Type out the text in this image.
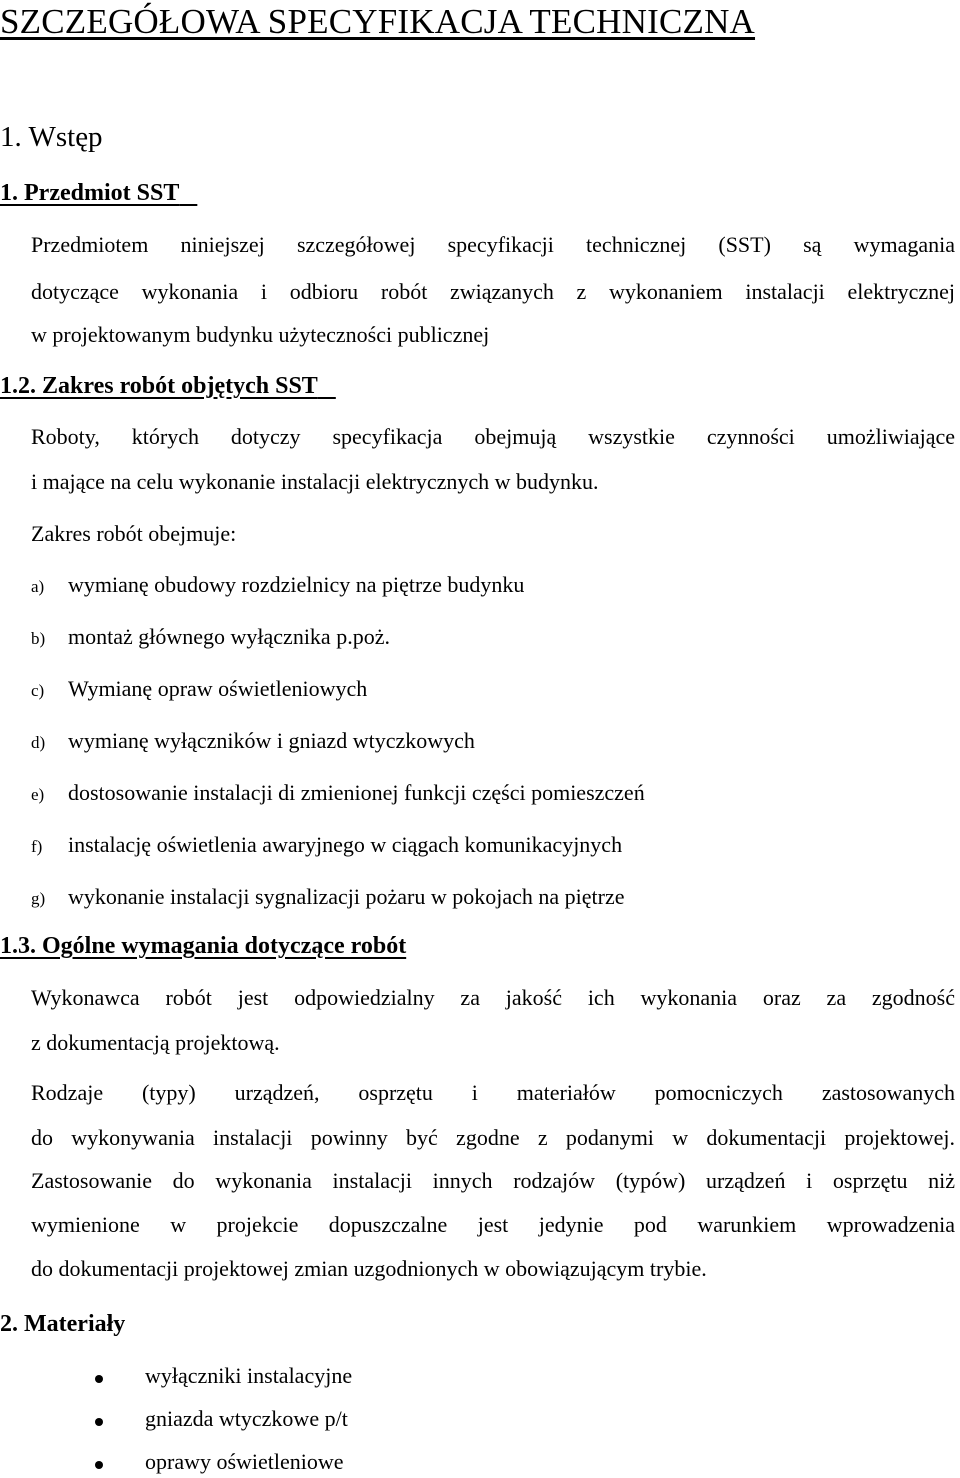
SZCZEGÓŁOWA SPECYFIKACJA TECHNICZNA
1. Wstęp
1. Przedmiot SST
Przedmiotem niniejszej szczegółowej specyfikacji technicznej (SST) są wymagania
dotyczące wykonania i odbioru robót związanych z wykonaniem instalacji elektrycznej
w projektowanym budynku użyteczności publicznej
1.2. Zakres robót objętych SST
Roboty, których dotyczy specyfikacja obejmują wszystkie czynności umożliwiające
i mające na celu wykonanie instalacji elektrycznych w budynku.
Zakres robót obejmuje:
a) wymianę obudowy rozdzielnicy na piętrze budynku
b) montaż głównego wyłącznika p.poż.
c) Wymianę opraw oświetleniowych
d) wymianę wyłączników i gniazd wtyczkowych
e) dostosowanie instalacji di zmienionej funkcji części pomieszczeń
f) instalację oświetlenia awaryjnego w ciągach komunikacyjnych
g) wykonanie instalacji sygnalizacji pożaru w pokojach na piętrze
1.3. Ogólne wymagania dotyczące robót
Wykonawca robót jest odpowiedzialny za jakość ich wykonania oraz za zgodność
z dokumentacją projektową.
Rodzaje (typy) urządzeń, osprzętu i materiałów pomocniczych zastosowanych
do wykonywania instalacji powinny być zgodne z podanymi w dokumentacji projektowej.
Zastosowanie do wykonania instalacji innych rodzajów (typów) urządzeń i osprzętu niż
wymienione w projekcie dopuszczalne jest jedynie pod warunkiem wprowadzenia
do dokumentacji projektowej zmian uzgodnionych w obowiązującym trybie.
2. Materiały
wyłączniki instalacyjne
gniazda wtyczkowe p/t
oprawy oświetleniowe
